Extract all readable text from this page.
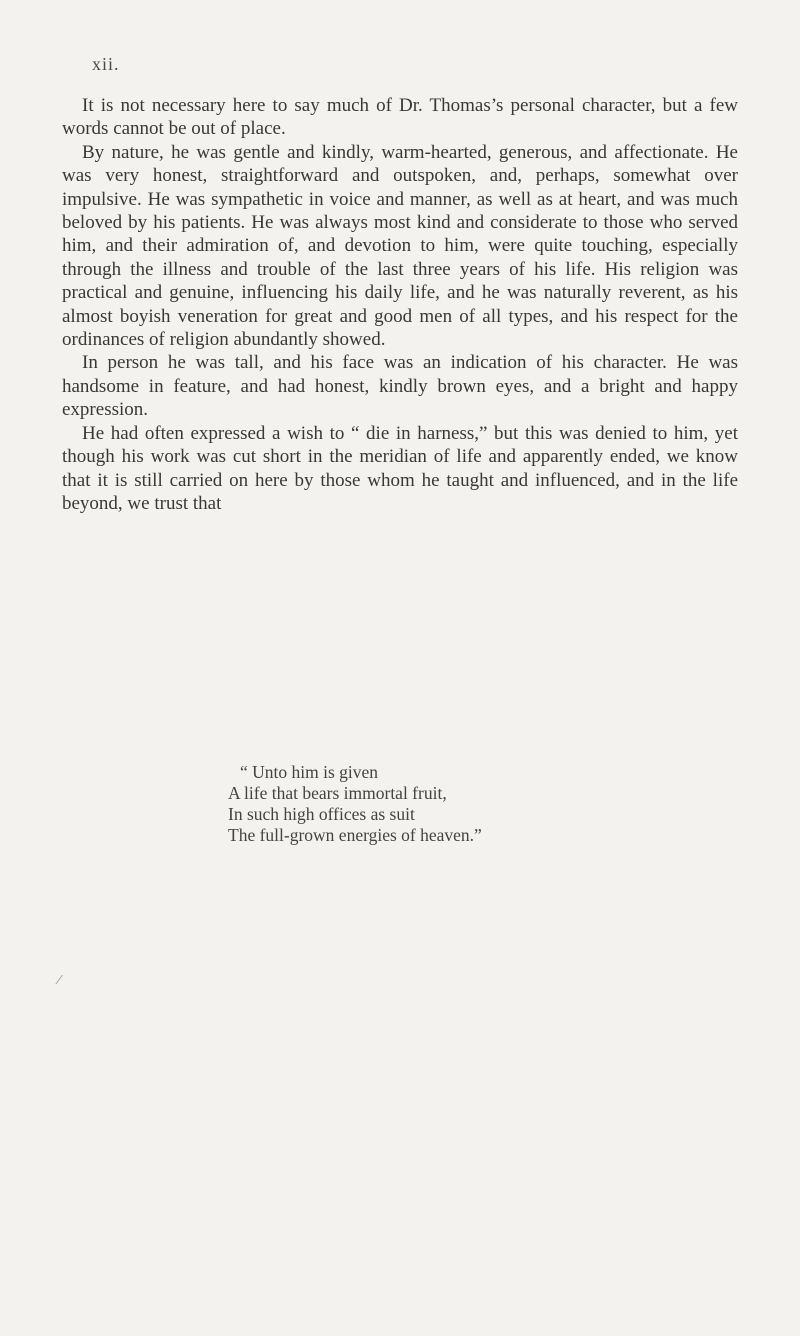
xii.

It is not necessary here to say much of Dr. Thomas’s personal character, but a few words cannot be out of place.

By nature, he was gentle and kindly, warm-hearted, generous, and affectionate. He was very honest, straightforward and outspoken, and, perhaps, somewhat over impulsive. He was sympathetic in voice and manner, as well as at heart, and was much beloved by his patients. He was always most kind and considerate to those who served him, and their admiration of, and devotion to him, were quite touching, especially through the illness and trouble of the last three years of his life. His religion was practical and genuine, influencing his daily life, and he was naturally reverent, as his almost boyish veneration for great and good men of all types, and his respect for the ordinances of religion abundantly showed.

In person he was tall, and his face was an indication of his character. He was handsome in feature, and had honest, kindly brown eyes, and a bright and happy expression.

He had often expressed a wish to “ die in harness,” but this was denied to him, yet though his work was cut short in the meridian of life and apparently ended, we know that it is still carried on here by those whom he taught and influenced, and in the life beyond, we trust that

“ Unto him is given
A life that bears immortal fruit,
In such high offices as suit
The full-grown energies of heaven.”
⁄
